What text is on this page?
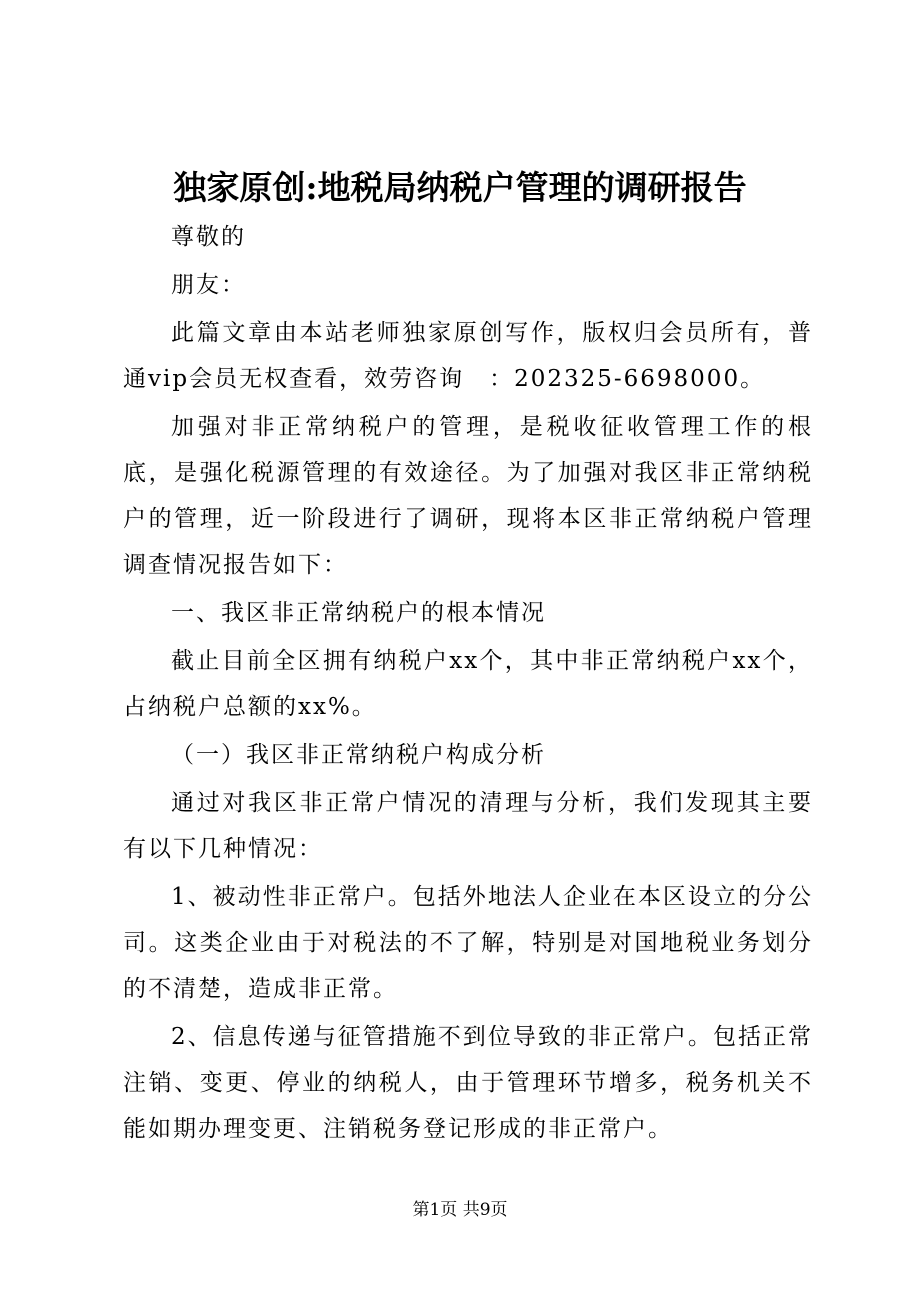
独家原创:地税局纳税户管理的调研报告

尊敬的

朋友：

此篇文章由本站老师独家原创写作，版权归会员所有，普通vip会员无权查看，效劳咨询　：202325-6698000。

加强对非正常纳税户的管理，是税收征收管理工作的根底，是强化税源管理的有效途径。为了加强对我区非正常纳税户的管理，近一阶段进行了调研，现将本区非正常纳税户管理调查情况报告如下：

一、我区非正常纳税户的根本情况

截止目前全区拥有纳税户xx个，其中非正常纳税户xx个，占纳税户总额的xx%。

（一）我区非正常纳税户构成分析

通过对我区非正常户情况的清理与分析，我们发现其主要有以下几种情况：

1、被动性非正常户。包括外地法人企业在本区设立的分公司。这类企业由于对税法的不了解，特别是对国地税业务划分的不清楚，造成非正常。

2、信息传递与征管措施不到位导致的非正常户。包括正常注销、变更、停业的纳税人，由于管理环节增多，税务机关不能如期办理变更、注销税务登记形成的非正常户。

第1页 共9页
